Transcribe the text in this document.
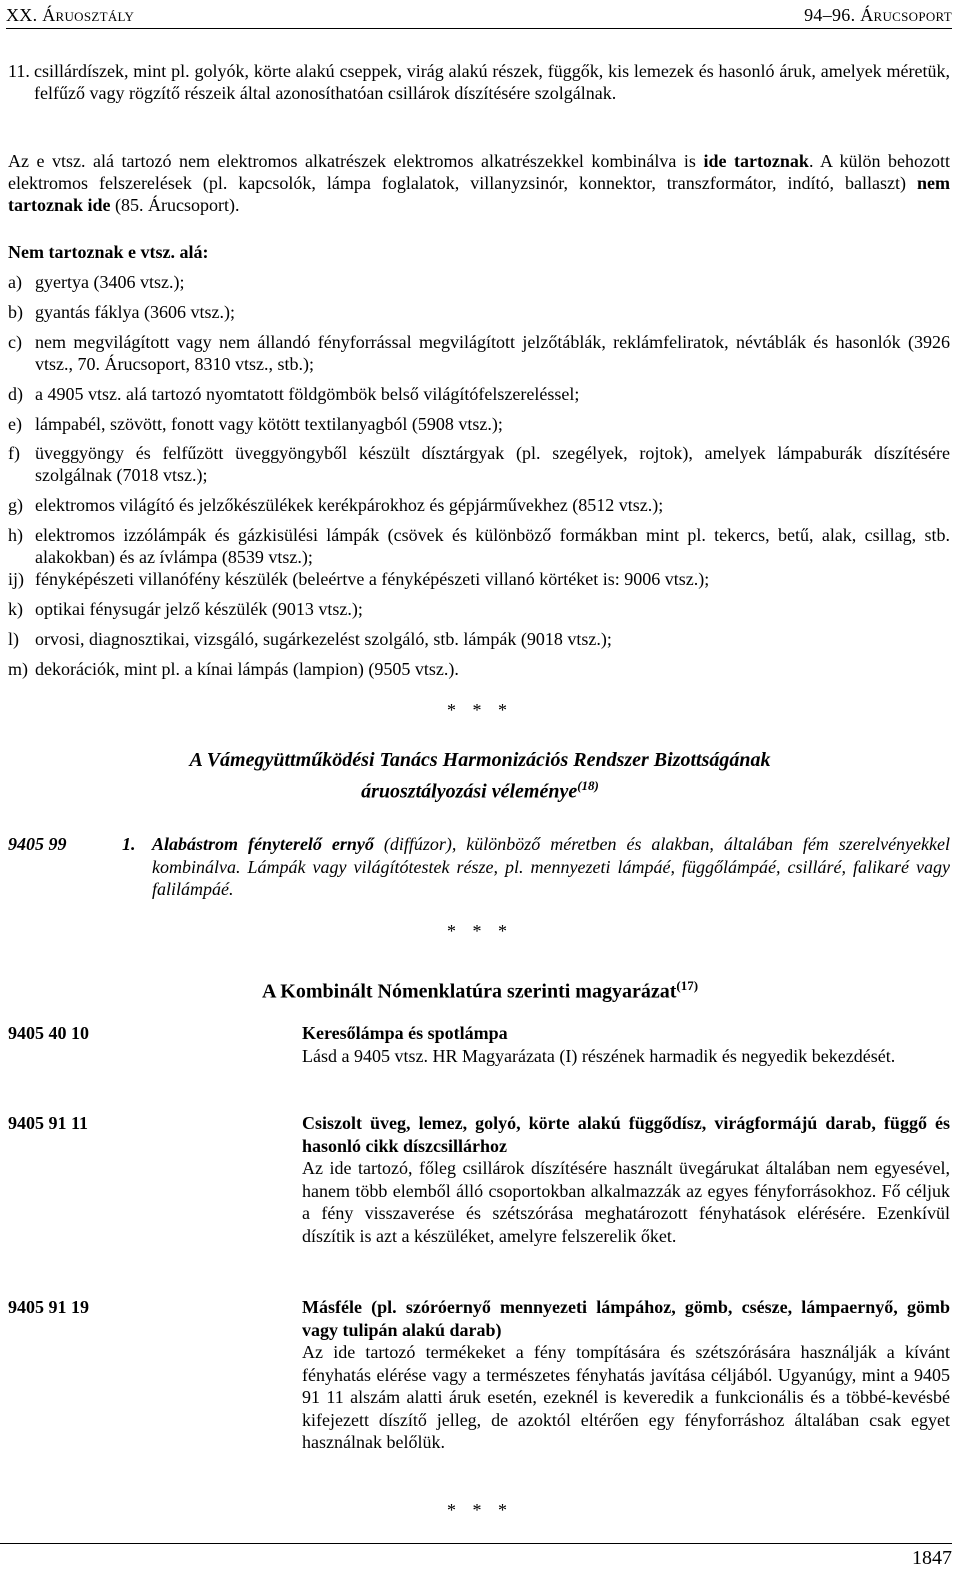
XX. Áruosztály	94–96. Árucsoport
11. csillárdíszek, mint pl. golyók, körte alakú cseppek, virág alakú részek, függők, kis lemezek és hasonló áruk, amelyek méretük, felfűző vagy rögzítő részeik által azonosíthatóan csillárok díszítésére szolgálnak.
Az e vtsz. alá tartozó nem elektromos alkatrészek elektromos alkatrészekkel kombinálva is ide tartoznak. A külön behozott elektromos felszerelések (pl. kapcsolók, lámpa foglalatok, villanyzsinór, konnektor, transzformátor, indító, ballaszt) nem tartoznak ide (85. Árucsoport).
Nem tartoznak e vtsz. alá:
a) gyertya (3406 vtsz.);
b) gyantás fáklya (3606 vtsz.);
c) nem megvilágított vagy nem állandó fényforrással megvilágított jelzőtáblák, reklámfeliratok, névtáblák és hasonlók (3926 vtsz., 70. Árucsoport, 8310 vtsz., stb.);
d) a 4905 vtsz. alá tartozó nyomtatott földgömbök belső világítófelszereléssel;
e) lámpabél, szövött, fonott vagy kötött textilanyagból (5908 vtsz.);
f) üveggyöngy és felfűzött üveggyöngyből készült dísztárgyak (pl. szegélyek, rojtok), amelyek lámpaburák díszítésére szolgálnak (7018 vtsz.);
g) elektromos világító és jelzőkészülékek kerékpárokhoz és gépjárművekhez (8512 vtsz.);
h) elektromos izzólámpák és gázkisülési lámpák (csövek és különböző formákban mint pl. tekercs, betű, alak, csillag, stb. alakokban) és az ívlámpa (8539 vtsz.);
ij) fényképészeti villanófény készülék (beleértve a fényképészeti villanó körtéket is: 9006 vtsz.);
k) optikai fénysugár jelző készülék (9013 vtsz.);
l) orvosi, diagnosztikai, vizsgáló, sugárkezelést szolgáló, stb. lámpák (9018 vtsz.);
m) dekorációk, mint pl. a kínai lámpás (lampion) (9505 vtsz.).
* * *
A Vámegyüttműködési Tanács Harmonizációs Rendszer Bizottságának
áruosztályozási véleménye$^{(18)}$
9405 99	1. Alabástrom fényterelő ernyő (diffúzor), különböző méretben és alakban, általában fém szerelvényekkel kombinálva. Lámpák vagy világítótestek része, pl. mennyezeti lámpáé, függőlámpáé, csilláré, falikaré vagy falilámpáé.
* * *
A Kombinált Nómenklatúra szerinti magyarázat$^{(17)}$
9405 40 10	Keresőlámpa és spotlámpa
Lásd a 9405 vtsz. HR Magyarázata (I) részének harmadik és negyedik bekezdését.
9405 91 11	Csiszolt üveg, lemez, golyó, körte alakú függődísz, virágformájú darab, függő és hasonló cikk díszcsillárhoz
Az ide tartozó, főleg csillárok díszítésére használt üvegárukat általában nem egyesével, hanem több elemből álló csoportokban alkalmazzák az egyes fényforrásokhoz. Fő céljuk a fény visszaverése és szétszórása meghatározott fényhatások elérésére. Ezenkívül díszítik is azt a készüléket, amelyre felszerelik őket.
9405 91 19	Másféle (pl. szóróernyő mennyezeti lámpához, gömb, csésze, lámpaernyő, gömb vagy tulipán alakú darab)
Az ide tartozó termékeket a fény tompítására és szétszórására használják a kívánt fényhatás elérése vagy a természetes fényhatás javítása céljából. Ugyanúgy, mint a 9405 91 11 alszám alatti áruk esetén, ezeknél is keveredik a funkcionális és a többé-kevésbé kifejezett díszítő jelleg, de azoktól eltérően egy fényforráshoz általában csak egyet használnak belőlük.
* * *
1847
